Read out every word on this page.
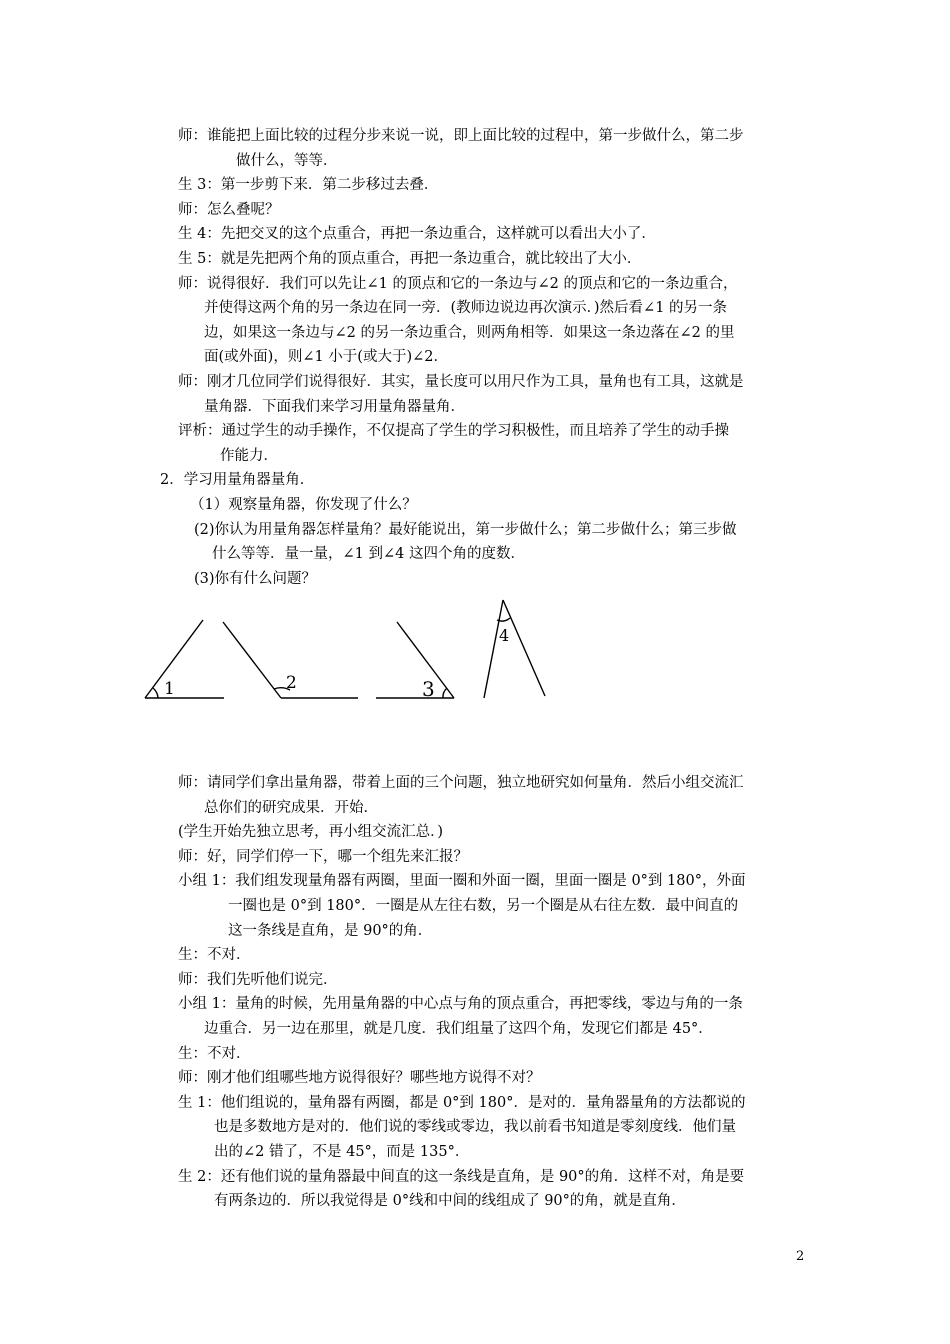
师：谁能把上面比较的过程分步来说一说，即上面比较的过程中，第一步做什么，第二步
做什么，等等．
生 3：第一步剪下来．第二步移过去叠．
师：怎么叠呢？
生 4：先把交叉的这个点重合，再把一条边重合，这样就可以看出大小了．
生 5：就是先把两个角的顶点重合，再把一条边重合，就比较出了大小．
师：说得很好．我们可以先让∠1 的顶点和它的一条边与∠2 的顶点和它的一条边重合，
并使得这两个角的另一条边在同一旁．(教师边说边再次演示．)然后看∠1 的另一条
边，如果这一条边与∠2 的另一条边重合，则两角相等．如果这一条边落在∠2 的里
面(或外面)，则∠1 小于(或大于)∠2．
师：刚才几位同学们说得很好．其实，量长度可以用尺作为工具，量角也有工具，这就是
量角器．下面我们来学习用量角器量角．
评析：通过学生的动手操作，不仅提高了学生的学习积极性，而且培养了学生的动手操
作能力．
2．学习用量角器量角．
（1）观察量角器，你发现了什么？
(2)你认为用量角器怎样量角？最好能说出，第一步做什么；第二步做什么；第三步做
什么等等．量一量，∠1 到∠4 这四个角的度数．
(3)你有什么问题？
1	2	3
4
师：请同学们拿出量角器，带着上面的三个问题，独立地研究如何量角．然后小组交流汇
总你们的研究成果．开始．
(学生开始先独立思考，再小组交流汇总．)
师：好，同学们停一下，哪一个组先来汇报？
小组 1：我们组发现量角器有两圈，里面一圈和外面一圈，里面一圈是 0°到 180°，外面
一圈也是 0°到 180°．一圈是从左往右数，另一个圈是从右往左数．最中间直的
这一条线是直角，是 90°的角．
生：不对．
师：我们先听他们说完．
小组 1：量角的时候，先用量角器的中心点与角的顶点重合，再把零线，零边与角的一条
边重合．另一边在那里，就是几度．我们组量了这四个角，发现它们都是 45°．
生：不对．
师：刚才他们组哪些地方说得很好？哪些地方说得不对？
生 1：他们组说的，量角器有两圈，都是 0°到 180°．是对的．量角器量角的方法都说的
也是多数地方是对的．他们说的零线或零边，我以前看书知道是零刻度线．他们量
出的∠2 错了，不是 45°，而是 135°．
生 2：还有他们说的量角器最中间直的这一条线是直角，是 90°的角．这样不对，角是要
有两条边的．所以我觉得是 0°线和中间的线组成了 90°的角，就是直角．
2
